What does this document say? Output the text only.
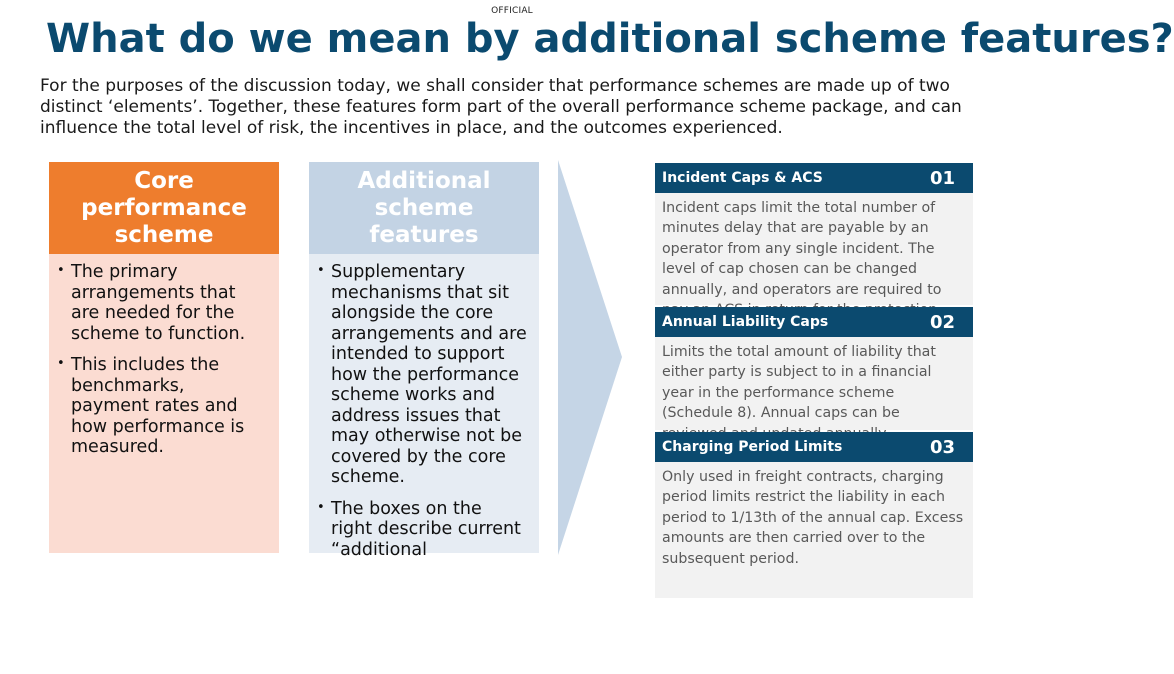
OFFICIAL
For the purposes of the discussion today, we shall consider that performance schemes are made up of two distinct ‘elements’. Together, these features form part of the overall performance scheme package, and can influence the total level of risk, the incentives in place, and the outcomes experienced.
What do we mean by additional scheme features?
Core performance scheme
• The primary arrangements that are needed for the scheme to function.
• This includes the benchmarks, payment rates and how performance is measured.
Additional scheme features
• Supplementary mechanisms that sit alongside the core arrangements and are intended to support how the performance scheme works and address issues that may otherwise not be covered by the core scheme.
• The boxes on the right describe current “additional
Incident Caps & ACS	01
Incident caps limit the total number of minutes delay that are payable by an operator from any single incident. The level of cap chosen can be changed annually, and operators are required to
Annual Liability Caps	02
Limits the total amount of liability that either party is subject to in a financial year in the performance scheme (Schedule 8). Annual caps can be
Charging Period Limits	03
Only used in freight contracts, charging period limits restrict the liability in each period to 1/13th of the annual cap. Excess amounts are then carried over to the subsequent period.
